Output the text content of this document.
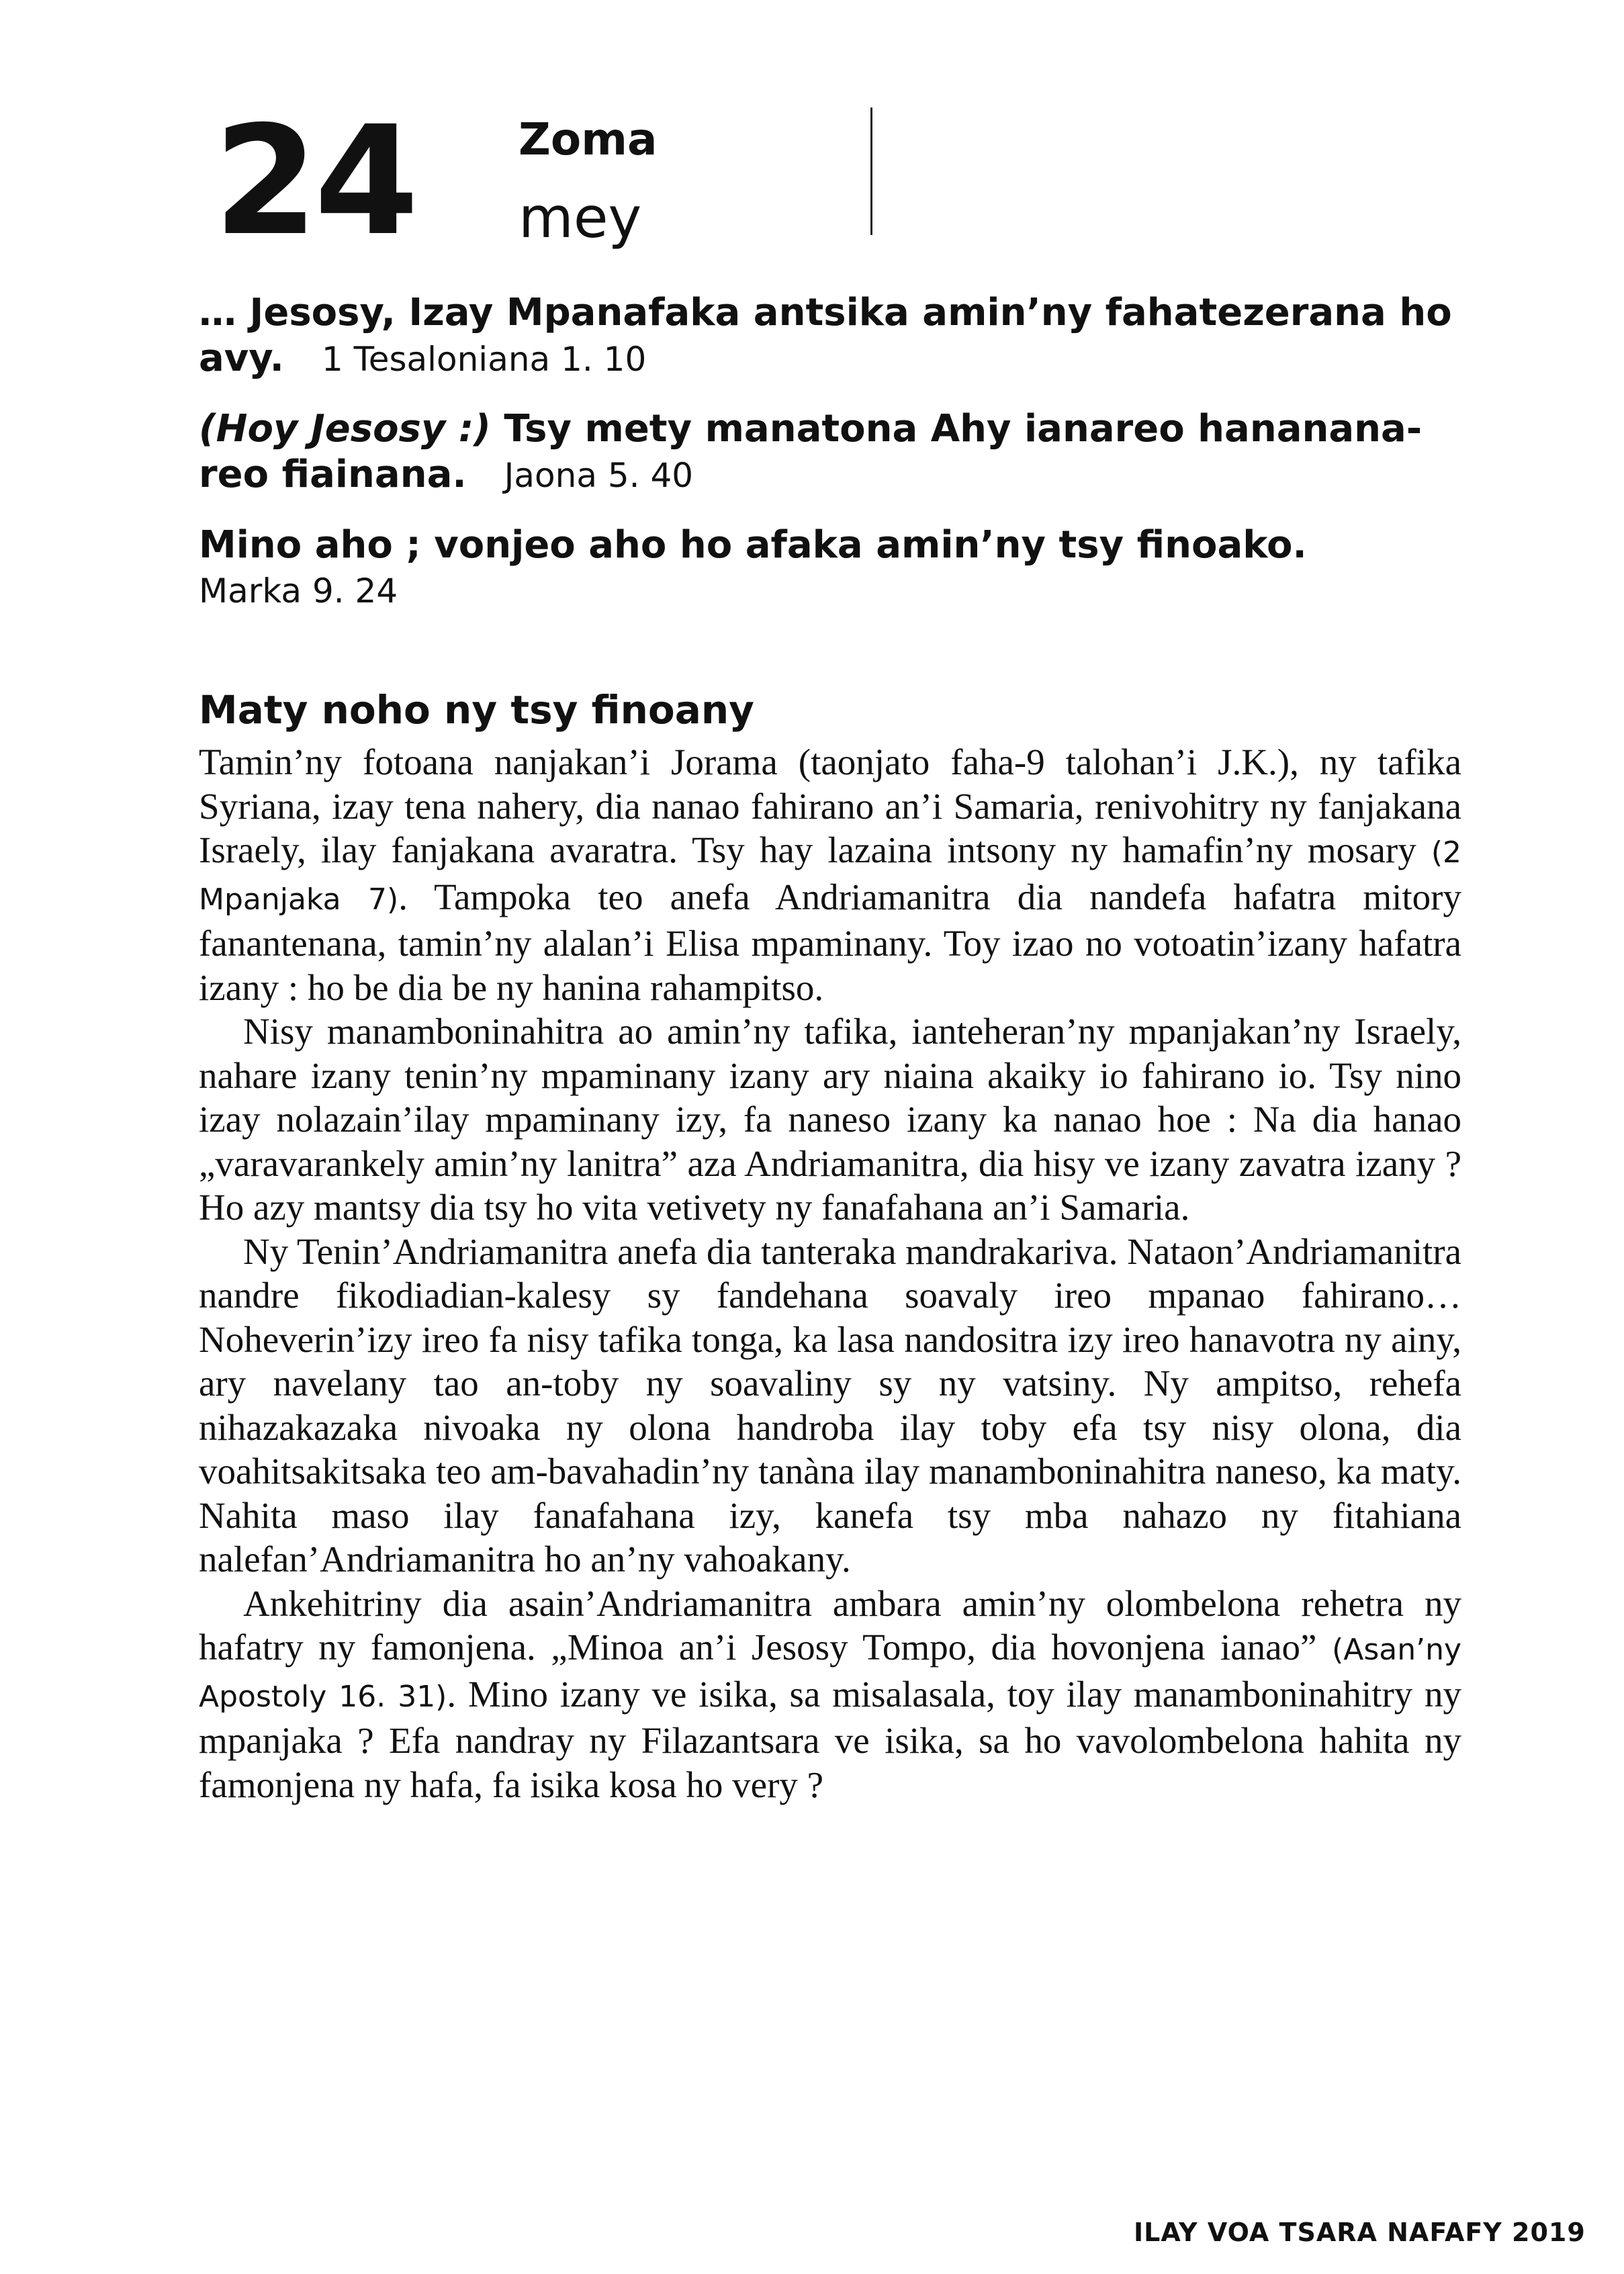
24 Zoma
mey

… Jesosy, Izay Mpanafaka antsika amin’ny fahatezerana ho avy. 1 Tesaloniana 1. 10

(Hoy Jesosy :) Tsy mety manatona Ahy ianareo hanananareo fiainana. Jaona 5. 40

Mino aho ; vonjeo aho ho afaka amin’ny tsy finoako.
Marka 9. 24

Maty noho ny tsy finoany

Tamin’ny fotoana nanjakan’i Jorama (taonjato faha-9 talohan’i J.K.), ny tafika Syriana, izay tena nahery, dia nanao fahirano an’i Samaria, renivohitry ny fanjakana Israely, ilay fanjakana avaratra. Tsy hay lazaina intsony ny hamafin’ny mosary (2 Mpanjaka 7). Tampoka teo anefa Andriamanitra dia nandefa hafatra mitory fanantenana, tamin’ny alalan’i Elisa mpaminany. Toy izao no votoatin’izany hafatra izany : ho be dia be ny hanina rahampitso.

Nisy manamboninahitra ao amin’ny tafika, ianteheran’ny mpanjakan’ny Israely, nahare izany tenin’ny mpaminany izany ary niaina akaiky io fahirano io. Tsy nino izay nolazain’ilay mpaminany izy, fa naneso izany ka nanao hoe : Na dia hanao „varavarankely amin’ny lanitra” aza Andriamanitra, dia hisy ve izany zavatra izany ? Ho azy mantsy dia tsy ho vita vetivety ny fanafahana an’i Samaria.

Ny Tenin’Andriamanitra anefa dia tanteraka mandrakariva. Nataon’Andriamanitra nandre fikodiadian-kalesy sy fandehana soavaly ireo mpanao fahirano… Noheverin’izy ireo fa nisy tafika tonga, ka lasa nandositra izy ireo hanavotra ny ainy, ary navelany tao an-toby ny soavaliny sy ny vatsiny. Ny ampitso, rehefa nihazakazaka nivoaka ny olona handroba ilay toby efa tsy nisy olona, dia voahitsakitsaka teo am-bavahadin’ny tanàna ilay manamboninahitra naneso, ka maty. Nahita maso ilay fanafahana izy, kanefa tsy mba nahazo ny fitahiana nalefan’Andriamanitra ho an’ny vahoakany.

Ankehitriny dia asain’Andriamanitra ambara amin’ny olombelona rehetra ny hafatry ny famonjena. „Minoa an’i Jesosy Tompo, dia hovonjena ianao” (Asan’ny Apostoly 16. 31). Mino izany ve isika, sa misalasala, toy ilay manamboninahitry ny mpanjaka ? Efa nandray ny Filazantsara ve isika, sa ho vavolombelona hahita ny famonjena ny hafa, fa isika kosa ho very ?

ILAY VOA TSARA NAFAFY 2019
